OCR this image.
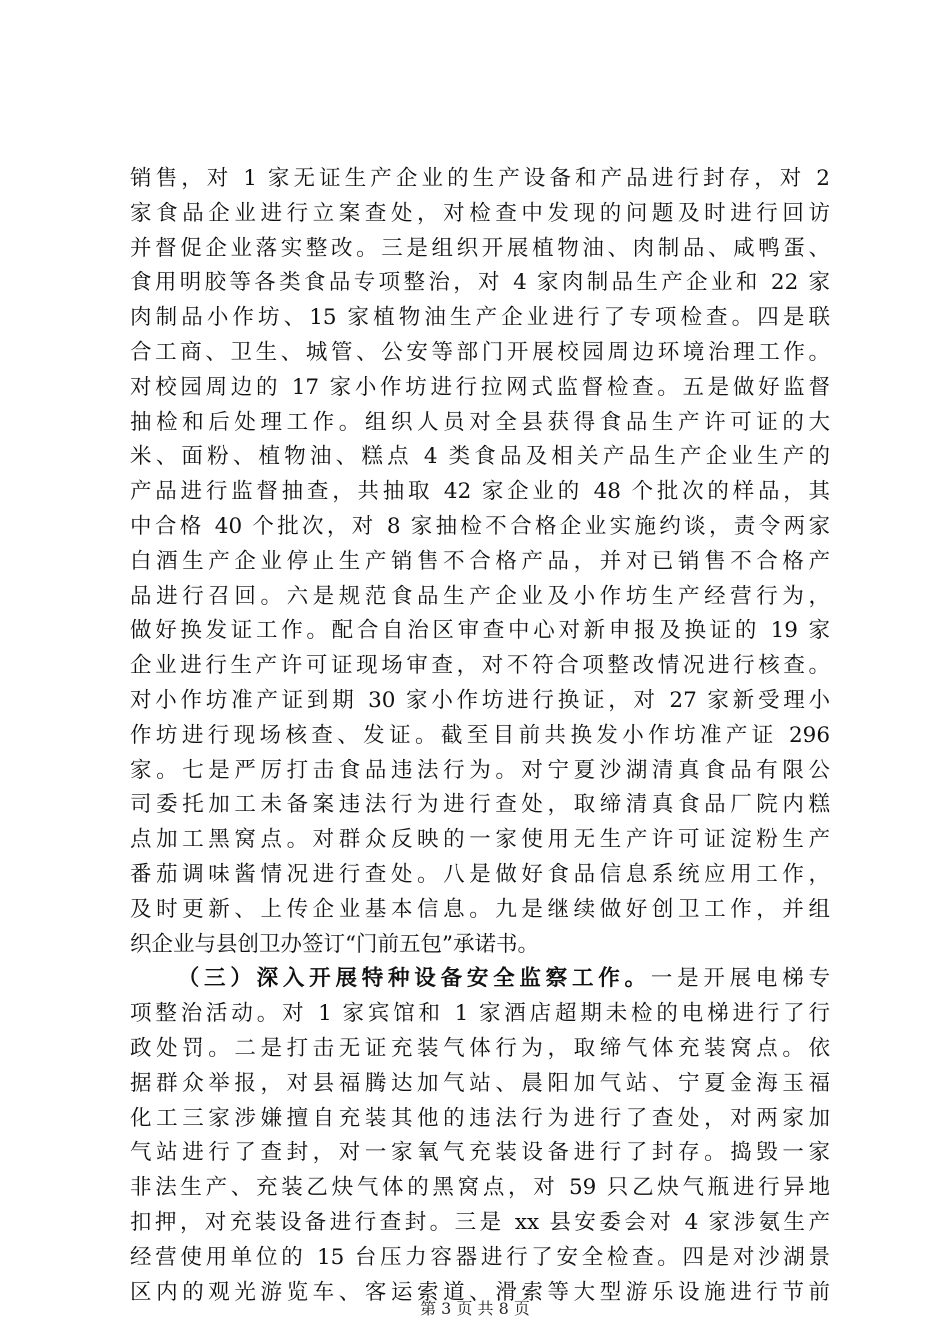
销售，对 1 家无证生产企业的生产设备和产品进行封存，对 2
家食品企业进行立案查处，对检查中发现的问题及时进行回访
并督促企业落实整改。三是组织开展植物油、肉制品、咸鸭蛋、
食用明胶等各类食品专项整治，对 4 家肉制品生产企业和 22 家
肉制品小作坊、15 家植物油生产企业进行了专项检查。四是联
合工商、卫生、城管、公安等部门开展校园周边环境治理工作。
对校园周边的 17 家小作坊进行拉网式监督检查。五是做好监督
抽检和后处理工作。组织人员对全县获得食品生产许可证的大
米、面粉、植物油、糕点 4 类食品及相关产品生产企业生产的
产品进行监督抽查，共抽取 42 家企业的 48 个批次的样品，其
中合格 40 个批次，对 8 家抽检不合格企业实施约谈，责令两家
白酒生产企业停止生产销售不合格产品，并对已销售不合格产
品进行召回。六是规范食品生产企业及小作坊生产经营行为，
做好换发证工作。配合自治区审查中心对新申报及换证的 19 家
企业进行生产许可证现场审查，对不符合项整改情况进行核查。
对小作坊准产证到期 30 家小作坊进行换证，对 27 家新受理小
作坊进行现场核查、发证。截至目前共换发小作坊准产证 296
家。七是严厉打击食品违法行为。对宁夏沙湖清真食品有限公
司委托加工未备案违法行为进行查处，取缔清真食品厂院内糕
点加工黑窝点。对群众反映的一家使用无生产许可证淀粉生产
番茄调味酱情况进行查处。八是做好食品信息系统应用工作，
及时更新、上传企业基本信息。九是继续做好创卫工作，并组
织企业与县创卫办签订“门前五包”承诺书。
（三）深入开展特种设备安全监察工作。一是开展电梯专
项整治活动。对 1 家宾馆和 1 家酒店超期未检的电梯进行了行
政处罚。二是打击无证充装气体行为，取缔气体充装窝点。依
据群众举报，对县福腾达加气站、晨阳加气站、宁夏金海玉福
化工三家涉嫌擅自充装其他的违法行为进行了查处，对两家加
气站进行了查封，对一家氧气充装设备进行了封存。捣毁一家
非法生产、充装乙炔气体的黑窝点，对 59 只乙炔气瓶进行异地
扣押，对充装设备进行查封。三是 xx 县安委会对 4 家涉氨生产
经营使用单位的 15 台压力容器进行了安全检查。四是对沙湖景
区内的观光游览车、客运索道、滑索等大型游乐设施进行节前
第 3 页 共 8 页
